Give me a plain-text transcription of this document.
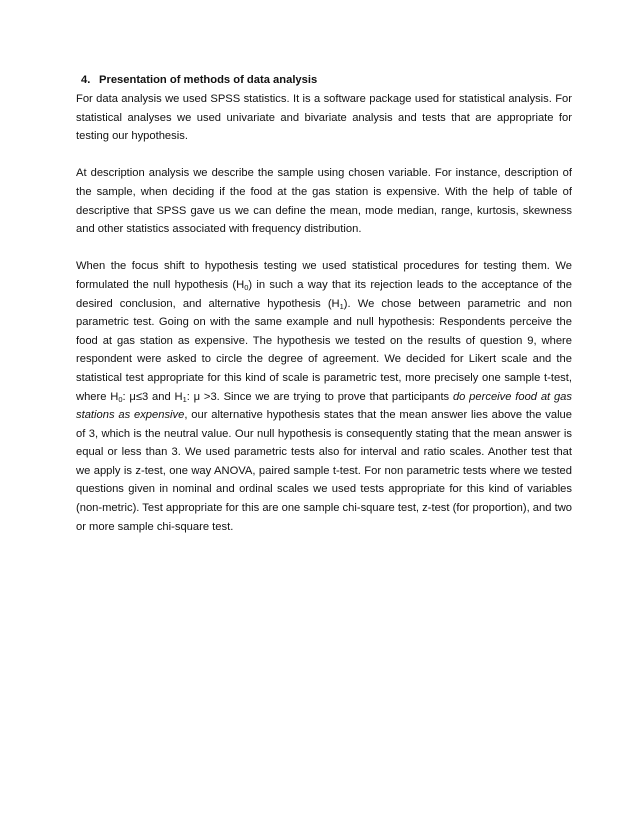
4. Presentation of methods of data analysis

For data analysis we used SPSS statistics. It is a software package used for statistical analysis. For statistical analyses we used univariate and bivariate analysis and tests that are appropriate for testing our hypothesis.

At description analysis we describe the sample using chosen variable. For instance, description of the sample, when deciding if the food at the gas station is expensive. With the help of table of descriptive that SPSS gave us we can define the mean, mode median, range, kurtosis, skewness and other statistics associated with frequency distribution.

When the focus shift to hypothesis testing we used statistical procedures for testing them. We formulated the null hypothesis $(H_0)$ in such a way that its rejection leads to the acceptance of the desired conclusion, and alternative hypothesis $(H_1)$. We chose between parametric and non parametric test. Going on with the same example and null hypothesis: Respondents perceive the food at gas station as expensive. The hypothesis we tested on the results of question 9, where respondent were asked to circle the degree of agreement. We decided for Likert scale and the statistical test appropriate for this kind of scale is parametric test, more precisely one sample t-test, where $H_0$: μ≤3 and $H_1$: μ >3. Since we are trying to prove that participants do perceive food at gas stations as expensive, our alternative hypothesis states that the mean answer lies above the value of 3, which is the neutral value. Our null hypothesis is consequently stating that the mean answer is equal or less than 3. We used parametric tests also for interval and ratio scales. Another test that we apply is z-test, one way ANOVA, paired sample t-test. For non parametric tests where we tested questions given in nominal and ordinal scales we used tests appropriate for this kind of variables (non-metric). Test appropriate for this are one sample chi-square test, z-test (for proportion), and two or more sample chi-square test.
